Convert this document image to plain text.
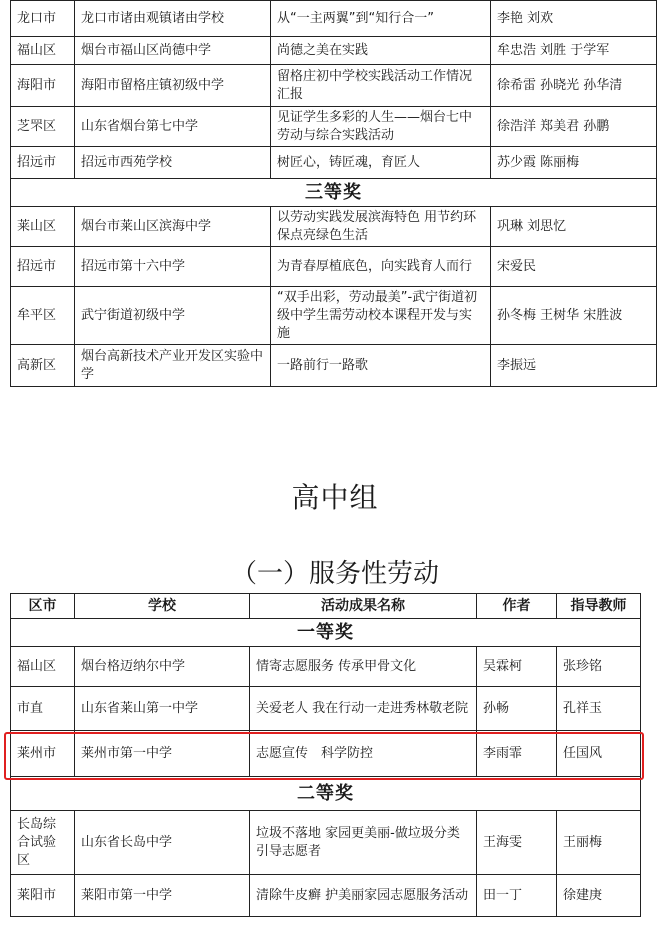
龙口市	龙口市诸由观镇诸由学校	从“一主两翼”到“知行合一”	李艳 刘欢
福山区	烟台市福山区尚德中学	尚德之美在实践	牟忠浩 刘胜 于学军
海阳市	海阳市留格庄镇初级中学	留格庄初中学校实践活动工作情况汇报	徐希雷 孙晓光 孙华清
芝罘区	山东省烟台第七中学	见证学生多彩的人生——烟台七中劳动与综合实践活动	徐浩洋 郑美君 孙鹏
招远市	招远市西苑学校	树匠心，铸匠魂，育匠人	苏少霞 陈丽梅
三等奖			
莱山区	烟台市莱山区滨海中学	以劳动实践发展滨海特色 用节约环保点亮绿色生活	巩琳 刘思忆
招远市	招远市第十六中学	为青春厚植底色，向实践育人而行	宋爱民
牟平区	武宁街道初级中学	“双手出彩，劳动最美”-武宁街道初级中学生需劳动校本课程开发与实施	孙冬梅 王树华 宋胜波
高新区	烟台高新技术产业开发区实验中学	一路前行一路歌	李振远
高中组
（一）服务性劳动
区市	学校	活动成果名称	作者	指导教师
一等奖				
福山区	烟台格迈纳尔中学	情寄志愿服务 传承甲骨文化	吴霖柯	张珍铭
市直	山东省莱山第一中学	关爱老人 我在行动一走进秀林敬老院	孙畅	孔祥玉
莱州市	莱州市第一中学	志愿宣传　科学防控	李雨霏	任国风
二等奖				
长岛综合试验区	山东省长岛中学	垃圾不落地 家园更美丽-做垃圾分类引导志愿者	王海雯	王丽梅
莱阳市	莱阳市第一中学	清除牛皮癣 护美丽家园志愿服务活动	田一丁	徐建庚
